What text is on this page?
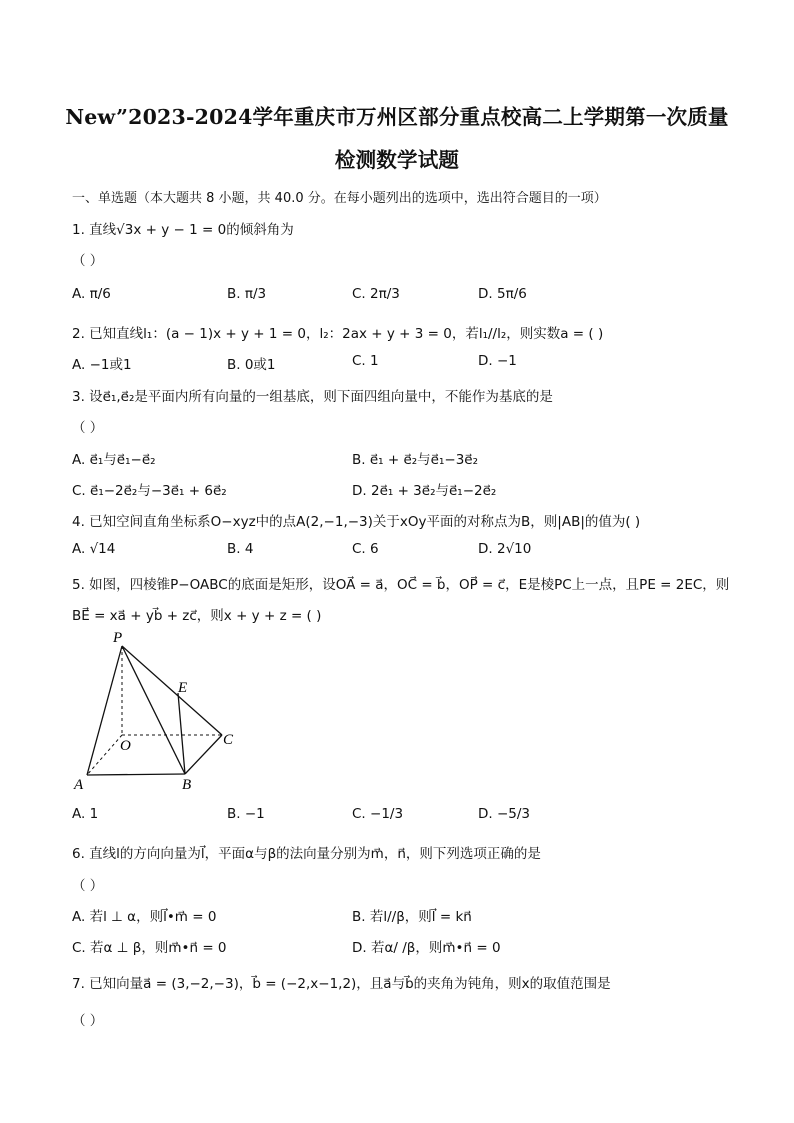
New”2023-2024学年重庆市万州区部分重点校高二上学期第一次质量
检测数学试题
一、单选题（本大题共 8 小题，共 40.0 分。在每小题列出的选项中，选出符合题目的一项）
1. 直线√3x + y − 1 = 0的倾斜角为
（ ）
A. π/6	B. π/3	C. 2π/3	D. 5π/6
2. 已知直线l₁：(a − 1)x + y + 1 = 0，l₂：2ax + y + 3 = 0，若l₁//l₂，则实数a = ( )
A. −1或1	B. 0或1	C. 1	D. −1
3. 设e⃗₁,e⃗₂是平面内所有向量的一组基底，则下面四组向量中，不能作为基底的是
（ ）
A. e⃗₁与e⃗₁−e⃗₂	B. e⃗₁ + e⃗₂与e⃗₁−3e⃗₂
C. e⃗₁−2e⃗₂与−3e⃗₁ + 6e⃗₂	D. 2e⃗₁ + 3e⃗₂与e⃗₁−2e⃗₂
4. 已知空间直角坐标系O−xyz中的点A(2,−1,−3)关于xOy平面的对称点为B，则|AB|的值为( )
A. √14	B. 4	C. 6	D. 2√10
5. 如图，四棱锥P−OABC的底面是矩形，设OA⃗ = a⃗，OC⃗ = b⃗，OP⃗ = c⃗，E是棱PC上一点，且PE = 2EC，则
BE⃗ = xa⃗ + yb⃗ + zc⃗，则x + y + z = ( )
P
E
O	C
A	B
A. 1	B. −1	C. −1/3	D. −5/3
6. 直线l的方向向量为l⃗，平面α与β的法向量分别为m⃗，n⃗，则下列选项正确的是
（ ）
A. 若l ⊥ α，则l⃗•m⃗ = 0	B. 若l//β，则l⃗ = kn⃗
C. 若α ⊥ β，则m⃗•n⃗ = 0	D. 若α/ /β，则m⃗•n⃗ = 0
7. 已知向量a⃗ = (3,−2,−3)，b⃗ = (−2,x−1,2)，且a⃗与b⃗的夹角为钝角，则x的取值范围是
（ ）
